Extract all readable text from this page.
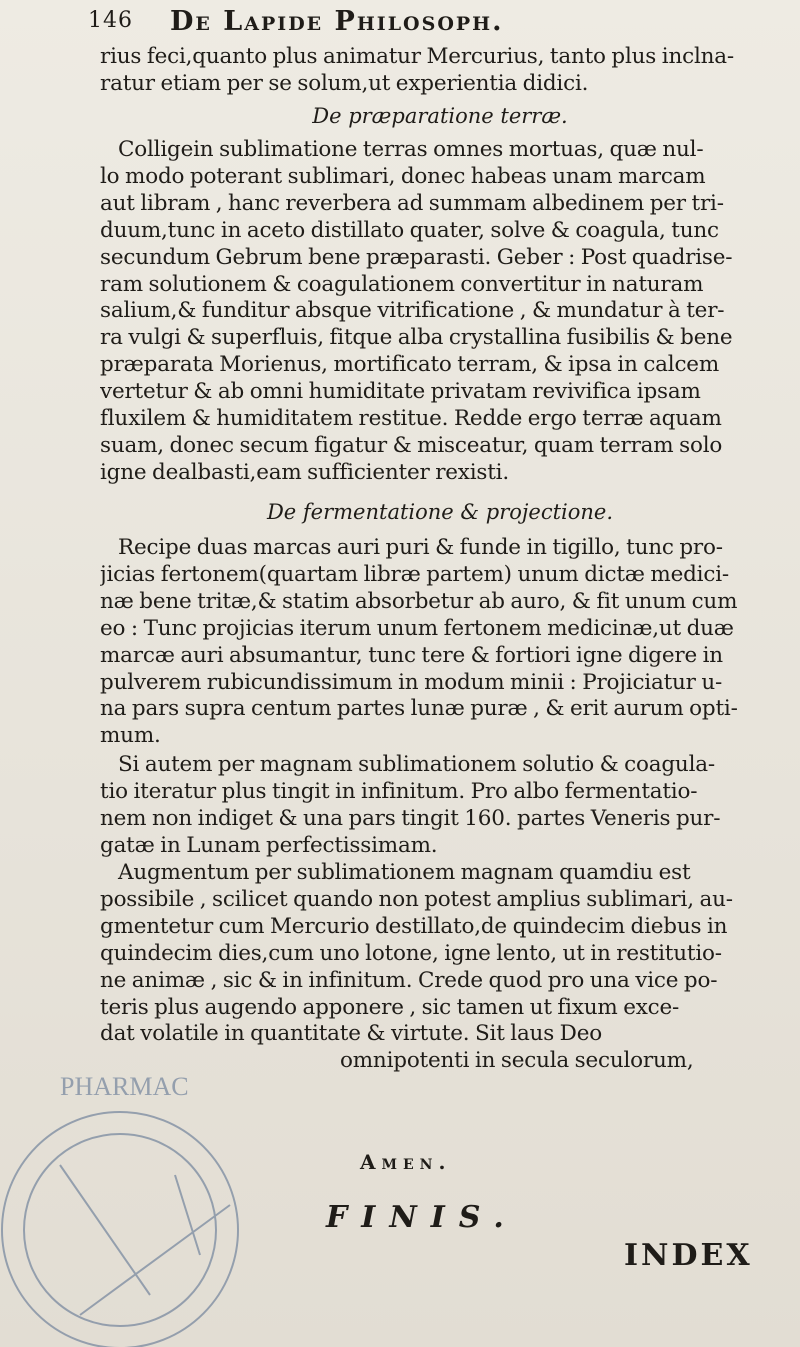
146 De Lapide Philosoph.
rius feci,quanto plus animatur Mercurius, tanto plus inclna-
ratur etiam per se solum,ut experientia didici.
De præparatione terræ.
Colligein sublimatione terras omnes mortuas, quæ nul-
lo modo poterant sublimari, donec habeas unam marcam
aut libram , hanc reverbera ad summam albedinem per tri-
duum,tunc in aceto distillato quater, solve & coagula, tunc
secundum Gebrum bene præparasti. Geber : Post quadrise-
ram solutionem & coagulationem convertitur in naturam
salium,& funditur absque vitrificatione , & mundatur à ter-
ra vulgi & superfluis, fitque alba crystallina fusibilis & bene
præparata Morienus, mortificato terram, & ipsa in calcem
vertetur & ab omni humiditate privatam revivifica ipsam
fluxilem & humiditatem restitue. Redde ergo terræ aquam
suam, donec secum figatur & misceatur, quam terram solo
igne dealbasti,eam sufficienter rexisti.
De fermentatione & projectione.
Recipe duas marcas auri puri & funde in tigillo, tunc pro-
jicias fertonem(quartam libræ partem) unum dictæ medici-
næ bene tritæ,& statim absorbetur ab auro, & fit unum cum
eo : Tunc projicias iterum unum fertonem medicinæ,ut duæ
marcæ auri absumantur, tunc tere & fortiori igne digere in
pulverem rubicundissimum in modum minii : Projiciatur u-
na pars supra centum partes lunæ puræ , & erit aurum opti-
mum.
Si autem per magnam sublimationem solutio & coagula-
tio iteratur plus tingit in infinitum. Pro albo fermentatio-
nem non indiget & una pars tingit 160. partes Veneris pur-
gatæ in Lunam perfectissimam.
Augmentum per sublimationem magnam quamdiu est
possibile , scilicet quando non potest amplius sublimari, au-
gmentetur cum Mercurio destillato,de quindecim diebus in
quindecim dies,cum uno lotone, igne lento, ut in restitutio-
ne animæ , sic & in infinitum. Crede quod pro una vice po-
teris plus augendo apponere , sic tamen ut fixum exce-
dat volatile in quantitate & virtute. Sit laus Deo
omnipotenti in secula seculorum,
Amen.
FINIS.
INDEX
PHARMAC
